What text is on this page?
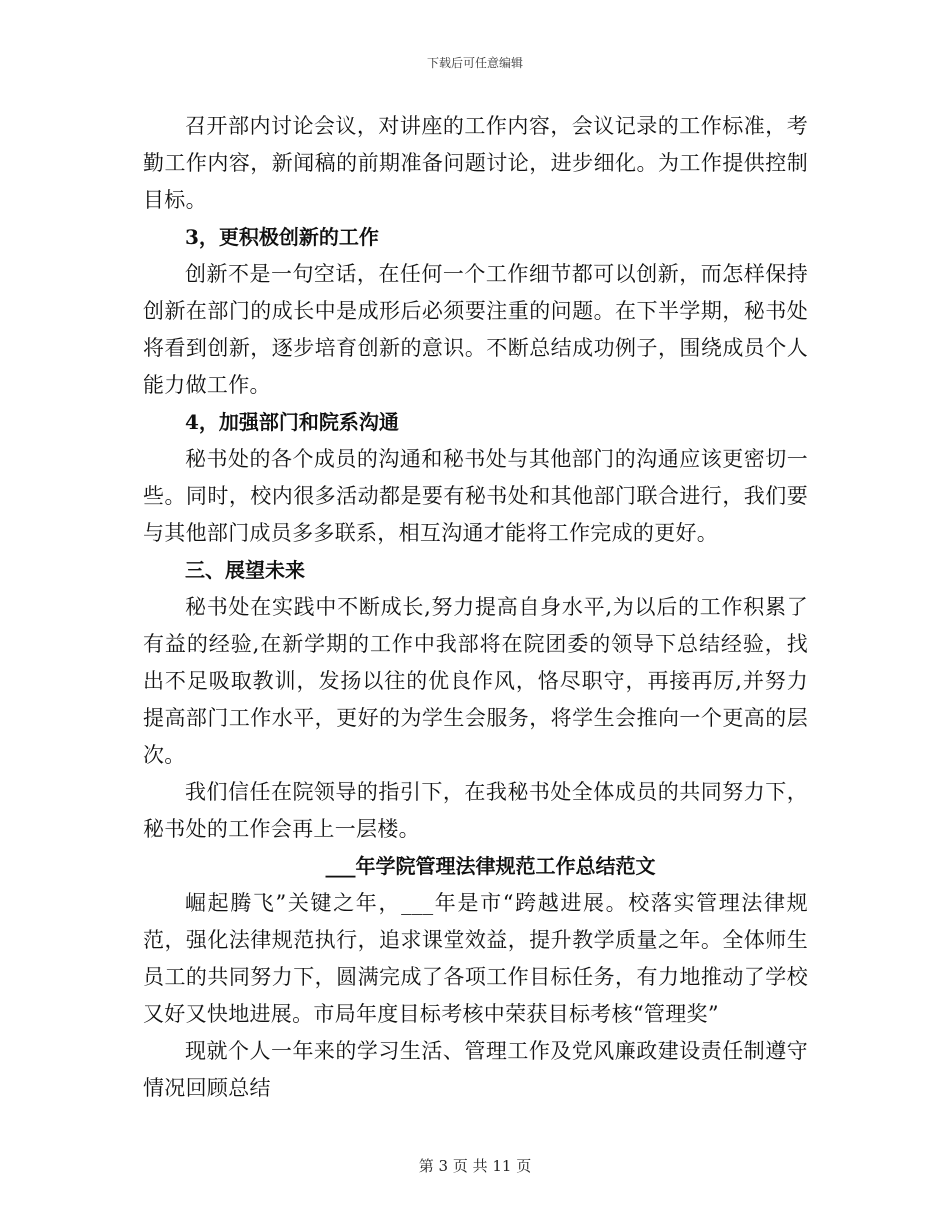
下载后可任意编辑

召开部内讨论会议，对讲座的工作内容，会议记录的工作标准，考勤工作内容，新闻稿的前期准备问题讨论，进步细化。为工作提供控制目标。

3，更积极创新的工作

创新不是一句空话，在任何一个工作细节都可以创新，而怎样保持创新在部门的成长中是成形后必须要注重的问题。在下半学期，秘书处将看到创新，逐步培育创新的意识。不断总结成功例子，围绕成员个人能力做工作。

4，加强部门和院系沟通

秘书处的各个成员的沟通和秘书处与其他部门的沟通应该更密切一些。同时，校内很多活动都是要有秘书处和其他部门联合进行，我们要与其他部门成员多多联系，相互沟通才能将工作完成的更好。

三、展望未来

秘书处在实践中不断成长,努力提高自身水平,为以后的工作积累了有益的经验,在新学期的工作中我部将在院团委的领导下总结经验，找出不足吸取教训，发扬以往的优良作风，恪尽职守，再接再厉,并努力提高部门工作水平，更好的为学生会服务，将学生会推向一个更高的层次。

我们信任在院领导的指引下，在我秘书处全体成员的共同努力下，秘书处的工作会再上一层楼。

___年学院管理法律规范工作总结范文

崛起腾飞”关键之年，___年是市“跨越进展。校落实管理法律规范，强化法律规范执行，追求课堂效益，提升教学质量之年。全体师生员工的共同努力下，圆满完成了各项工作目标任务，有力地推动了学校又好又快地进展。市局年度目标考核中荣获目标考核“管理奖”

现就个人一年来的学习生活、管理工作及党风廉政建设责任制遵守情况回顾总结

第 3 页 共 11 页
